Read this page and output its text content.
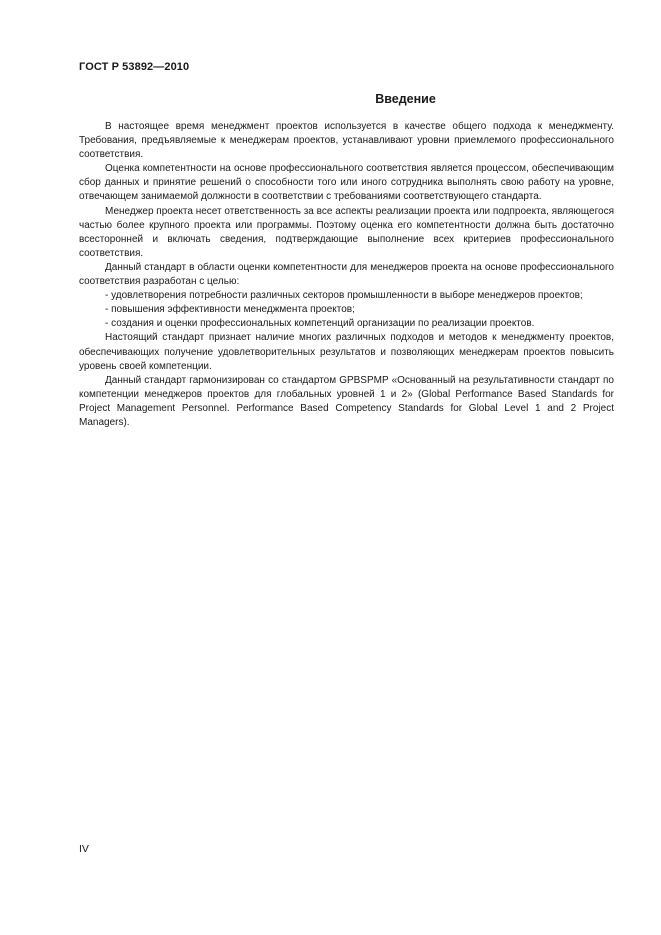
ГОСТ Р 53892—2010
Введение

В настоящее время менеджмент проектов используется в качестве общего подхода к менеджменту. Требования, предъявляемые к менеджерам проектов, устанавливают уровни приемлемого профессионального соответствия.

Оценка компетентности на основе профессионального соответствия является процессом, обеспечивающим сбор данных и принятие решений о способности того или иного сотрудника выполнять свою работу на уровне, отвечающем занимаемой должности в соответствии с требованиями соответствующего стандарта.

Менеджер проекта несет ответственность за все аспекты реализации проекта или подпроекта, являющегося частью более крупного проекта или программы. Поэтому оценка его компетентности должна быть достаточно всесторонней и включать сведения, подтверждающие выполнение всех критериев профессионального соответствия.

Данный стандарт в области оценки компетентности для менеджеров проекта на основе профессионального соответствия разработан с целью:

- удовлетворения потребности различных секторов промышленности в выборе менеджеров проектов;

- повышения эффективности менеджмента проектов;

- создания и оценки профессиональных компетенций организации по реализации проектов.

Настоящий стандарт признает наличие многих различных подходов и методов к менеджменту проектов, обеспечивающих получение удовлетворительных результатов и позволяющих менеджерам проектов повысить уровень своей компетенции.

Данный стандарт гармонизирован со стандартом GPBSPMP «Основанный на результативности стандарт по компетенции менеджеров проектов для глобальных уровней 1 и 2» (Global Performance Based Standards for Project Management Personnel. Performance Based Competency Standards for Global Level 1 and 2 Project Managers).

IV
